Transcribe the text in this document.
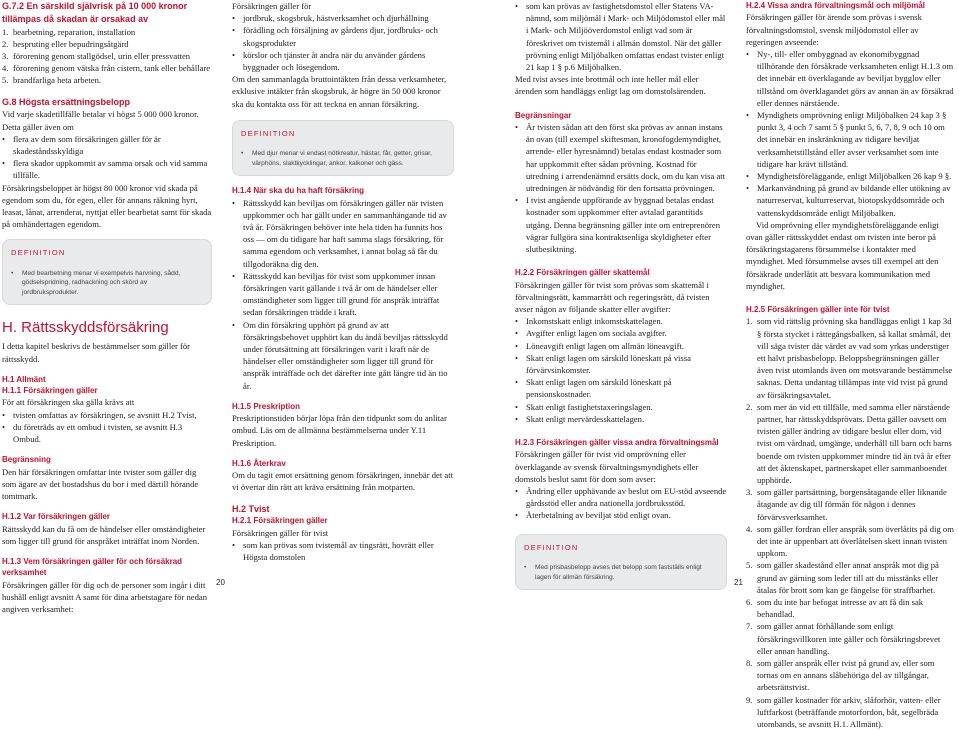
G.7.2 En särskild självrisk på 10 000 kronor tillämpas då skadan är orsakad av
1. bearbetning, reparation, installation
2. bespruting eller bepudringsåtgärd
3. förorening genom stallgödsel, urin eller pressvatten
4. förorening genom vätska från cistern, tank eller behållare
5. brandfarliga heta arbeten.
G.8 Högsta ersättningsbelopp

Vid varje skadetillfälle betalar vi högst 5 000 000 kronor.

Detta gäller även om

• flera av dem som försäkringen gäller för är skadeståndsskyldiga
• flera skador uppkommit av samma orsak och vid samma tillfälle.

Försäkringsbeloppet är högst 80 000 kronor vid skada på egendom som du, för egen, eller för annans räkning hyrt, leasat, lånat, arrenderat, nyttjat eller bearbetat samt för skada på omhändertagen egendom.

DEFINITION
• Med bearbetning menar vi exempelvis harvning, sådd, gödselspridning, radhackning och skörd av jordbruksprodukter.
H. Rättsskyddsförsäkring

I detta kapitel beskrivs de bestämmelser som gäller för rättsskydd.

H.1 Allmänt
H.1.1 Försäkringen gäller

För att försäkringen ska gälla krävs att

• tvisten omfattas av försäkringen, se avsnitt H.2 Tvist,
• du företräds av ett ombud i tvisten, se avsnitt H.3 Ombud.
Begränsning

Den här försäkringen omfattar inte tvister som gäller dig som ägare av det bostadshus du bor i med därtill hörande tomtmark.

H.1.2 Var försäkringen gäller

Rättsskydd kan du få om de händelser eller omständigheter som ligger till grund för anspråket inträffat inom Norden.

H.1.3 Vem försäkringen gäller för och försäkrad verksamhet

Försäkringen gäller för dig och de personer som ingår i ditt hushåll enligt avsnitt A samt för dina arbetstagare för nedan angiven verksamhet:

Försäkringen gäller för

• jordbruk, skogsbruk, hästverksamhet och djurhållning
• förädling och försäljning av gårdens djur, jordbruks- och skogsprodukter
• körslor och tjänster åt andra när du använder gårdens byggnader och lösegendom.

Om den sammanlagda bruttointäkten från dessa verksamheter, exklusive intäkter från skogsbruk, är högre än 50 000 kronor ska du kontakta oss för att teckna en annan försäkring.

DEFINITION
• Med djur menar vi endast nötkreatur, hästar, får, getter, grisar, värphöns, slaktkycklingar, ankor, kalkoner och gäss.
H.1.4 När ska du ha haft försäkring
• Rättsskydd kan beviljas om försäkringen gäller när tvisten uppkommer och har gällt under en sammanhängande tid av två år. Försäkringen behöver inte hela tiden ha funnits hos oss — om du tidigare har haft samma slags försäkring, för samma egendom och verksamhet, i annat bolag så får du tillgodoräkna dig den.
• Rättsskydd kan beviljas för tvist som uppkommer innan försäkringen varit gällande i två år om de händelser eller omständigheter som ligger till grund för anspråk inträffat sedan försäkringen trädde i kraft.
• Om din försäkring upphört på grund av att försäkringsbehovet upphört kan du ändå beviljas rättsskydd under förutsättning att försäkringen varit i kraft när de händelser eller omständigheter som ligger till grund för anspråk inträffade och det därefter inte gått längre tid än tio år.
H.1.5 Preskription

Preskriptionstiden börjar löpa från den tidpunkt som du anlitar ombud. Läs om de allmänna bestämmelserna under Y.11 Preskription.

H.1.6 Återkrav

Om du tagit emot ersättning genom försäkringen, innebär det att vi övertar din rätt att kräva ersättning från motparten.

H.2 Tvist
H.2.1 Försäkringen gäller

Försäkringen gäller för tvist

• som kan prövas som tvistemål av tingsrätt, hovrätt eller Högsta domstolen
• som kan prövas av fastighetsdomstol eller Statens VA-nämnd, som miljömål i Mark- och Miljödomstol eller mål i Mark- och Miljööverdomstol enligt vad som är föreskrivet om tvistemål i allmän domstol. När det gäller prövning enligt Miljöbalken omfattas endast tvister enligt 21 kap 1 § p.6 Miljöbalken.

Med tvist avses inte brottmål och inte heller mål eller ärenden som handläggs enligt lag om domstolsärenden.

Begränsningar
• Är tvisten sådan att den först ska prövas av annan instans än ovan (till exempel skiftesman, kronofogdemyndighet, arrende- eller hyresnämnd) betalas endast kostnader som har uppkommit efter sådan prövning. Kostnad för utredning i arrendenämnd ersätts dock, om du kan visa att utredningen är nödvändig för den fortsatta prövningen.
• I tvist angående uppförande av byggnad betalas endast kostnader som uppkommer efter avtalad garantitids utgång. Denna begränsning gäller inte om entreprenören vägrar fullgöra sina kontraktsenliga skyldigheter efter slutbesiktning.
H.2.2 Försäkringen gäller skattemål

Försäkringen gäller för tvist som prövas som skattemål i förvaltningsrätt, kammarrätt och regeringsrätt, då tvisten avser någon av följande skatter eller avgifter:

• Inkomstskatt enligt inkomstskattelagen.
• Avgifter enligt lagen om sociala avgifter.
• Löneavgift enligt lagen om allmän löneavgift.
• Skatt enligt lagen om särskild löneskatt på vissa förvärvsinkomster.
• Skatt enligt lagen om särskild löneskatt på pensionskostnader.
• Skatt enligt fastighetstaxeringslagen.
• Skatt enligt mervärdesskattelagen.
H.2.3 Försäkringen gäller vissa andra förvaltningsmål

Försäkringen gäller för tvist vid omprövning eller överklagande av svensk förvaltningsmyndighets eller domstols beslut samt för dom som avser:

• Ändring eller upphävande av beslut om EU-stöd avseende gårdsstöd eller andra nationella jordbruksstöd.
• Återbetalning av beviljat stöd enligt ovan.
DEFINITION
• Med prisbasbelopp avses det belopp som fastställs enligt lagen för allmän försäkring.
H.2.4 Vissa andra förvaltningsmål och miljömål

Försäkringen gäller för ärende som prövas i svensk förvaltningsdomstol, svensk miljödomstol eller av regeringen avseende:

• Ny-, till- eller ombyggnad av ekonomibyggnad tillhörande den försäkrade verksamheten enligt H.1.3 om det innebär ett överklagande av beviljat bygglov eller tillstånd om överklagandet görs av annan än av försäkrad eller dennes närstående.
• Myndighets omprövning enligt Miljöbalken 24 kap 3 § punkt 3, 4 och 7 samt 5 § punkt 5, 6, 7, 8, 9 och 10 om det innebär en inskränkning av tidigare beviljat verksamhetstillstånd eller avser verksamhet som inte tidigare har krävt tillstånd.
• Myndighetsföreläggande, enligt Miljöbalken 26 kap 9 §.
• Markanvändning på grund av bildande eller utökning av naturreservat, kulturreservat, biotopskyddsområde och vattenskyddsområde enligt Miljöbalken.

Vid omprövning eller myndighetsföreläggande enligt ovan gäller rättsskyddet endast om tvisten inte beror på försäkringstagarens försummelse i kontakter med myndighet. Med försummelse avses till exempel att den försäkrade underlåtit att besvara kommunikation med myndighet.

H.2.5 Försäkringen gäller inte för tvist
1. som vid rättslig prövning ska handläggas enligt 1 kap 3d § första stycket i rättegångsbalken, så kallat småmål, det vill säga tvister där värdet av vad som yrkas understiger ett halvt prisbasbelopp. Beloppsbegränsningen gäller även tvist utomlands även om motsvarande bestämmelse saknas. Detta undantag tillämpas inte vid tvist på grund av försäkringsavtalet.
2. som mer än vid ett tillfälle, med samma eller närstående partner, har rättsskyddsprövats. Detta gäller oavsett om tvisten gäller ändring av tidigare beslut eller dom, vid tvist om vårdnad, umgänge, underhåll till barn och barns boende om tvisten uppkommer mindre tid än två år efter att det åktenskapet, partnerskapet eller sammanboendet upphörde.
3. som gäller partsättning, borgensåtagande eller liknande åtagande av dig till förmån för någon i dennes förvärvsverksamhet.
4. som gäller fordran eller anspråk som överlåtits på dig om det inte är uppenbart att överlåtelsen skett innan tvisten uppkom.
5. som gäller skadestånd eller annat anspråk mot dig på grund av gärning som leder till att du misstänks eller åtalas för brott som kan ge fängelse för straffbarhet.
6. som du inte har befogat intresse av att få din sak behandlad.
7. som gäller annat förhållande som enligt försäkringsvillkoren inte gäller och försäkringsbrevet eller annan handling.
8. som gäller anspråk eller tvist på grund av, eller som tornas om en annans slåbehöriga del av tillgångar, arbetsrättstvist.
9. som gäller kostnader för arkiv, slåforhör, vatten- eller luftfarkost (beträffande motorfordon, båt, segelbräda utombands, se avsnitt H.1. Allmänt).
20	21
